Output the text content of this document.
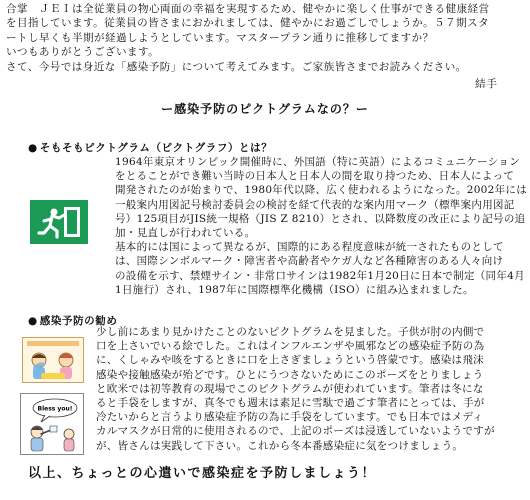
合掌　ＪＥＩは全従業員の物心両面の幸福を実現するため、健やかに楽しく仕事ができる健康経営
を目指しています。従業員の皆さまにおかれましては、健やかにお過ごしでしょうか。５７期スタ
ートし早くも半期が経過しようとしています。マスタープラン通りに推移してますか？
いつもありがとうございます。
さて、今号では身近な「感染予防」について考えてみます。ご家族皆さまでお読みください。
結手
ー感染予防のピクトグラムなの？ー
● そもそもピクトグラム（ピクトグラフ）とは？
1964年東京オリンピック開催時に、外国語（特に英語）によるコミュニケーション
をとることができ難い当時の日本人と日本人の間を取り持つため、日本人によって
開発されたのが始まりで、1980年代以降、広く使われるようになった。2002年には
一般案内用図記号検討委員会の検討を経て代表的な案内用マーク（標準案内用図記
号）125項目がJIS統一規格（JIS Z 8210）とされ、以降数度の改正により記号の追
加・見直しが行われている。
基本的には国によって異なるが、国際的にある程度意味が統一されたものとして
は、国際シンボルマーク・障害者や高齢者やケガ人など各種障害のある人々向け
の設備を示す、禁煙サイン・非常口サインは1982年1月20日に日本で制定（同年4月
1日施行）され、1987年に国際標準化機構（ISO）に組み込まれました。
● 感染予防の勧め
Bless you!
少し前にあまり見かけたことのないピクトグラムを見ました。子供が肘の内側で
口を上さいでいる絵でした。これはインフルエンザや風邪などの感染症予防の為
に、くしゃみや咳をするときに口を上さぎましょうという啓蒙です。感染は飛沫
感染や接触感染が殆どです。ひとにうつさないためにこのポーズをとりましょう
と欧米では初等教育の現場でこのピクトグラムが使われています。筆者は冬にな
ると手袋をしますが、真冬でも週末は素足に雪駄で過ごす筆者にとっては、手が
冷たいからと言うより感染症予防の為に手袋をしています。でも日本ではメディ
カルマスクが日常的に使用されるので、上記のポーズは浸透していないようですが
が、皆さんは実践して下さい。これから冬本番感染症に気をつけましょう。
以上、ちょっとの心遣いで感染症を予防しましょう！
